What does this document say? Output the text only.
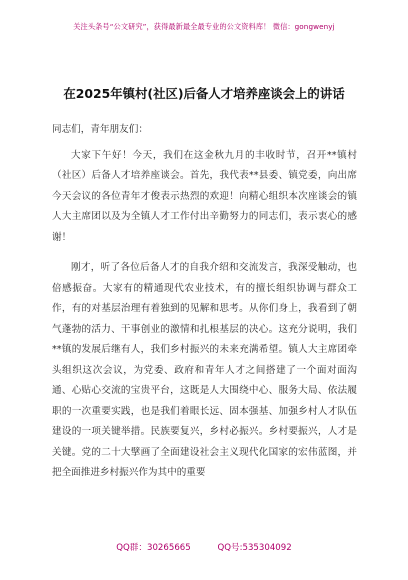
关注头条号“公文研究”，获得最新最全最专业的公文资料库！ 微信：gongwenyj
在2025年镇村(社区)后备人才培养座谈会上的讲话

同志们，青年朋友们：

大家下午好！今天，我们在这金秋九月的丰收时节，召开**镇村（社区）后备人才培养座谈会。首先，我代表**县委、镇党委，向出席今天会议的各位青年才俊表示热烈的欢迎！向精心组织本次座谈会的镇人大主席团以及为全镇人才工作付出辛勤努力的同志们，表示衷心的感谢！

刚才，听了各位后备人才的自我介绍和交流发言，我深受触动，也倍感振奋。大家有的精通现代农业技术，有的擅长组织协调与群众工作，有的对基层治理有着独到的见解和思考。从你们身上，我看到了朝气蓬勃的活力、干事创业的激情和扎根基层的决心。这充分说明，我们**镇的发展后继有人，我们乡村振兴的未来充满希望。镇人大主席团牵头组织这次会议，为党委、政府和青年人才之间搭建了一个面对面沟通、心贴心交流的宝贵平台，这既是人大围绕中心、服务大局、依法履职的一次重要实践，也是我们着眼长远、固本强基、加强乡村人才队伍建设的一项关键举措。民族要复兴，乡村必振兴。乡村要振兴，人才是关键。党的二十大擘画了全面建设社会主义现代化国家的宏伟蓝图，并把全面推进乡村振兴作为其中的重要

QQ群：30265665	QQ号:535304092
